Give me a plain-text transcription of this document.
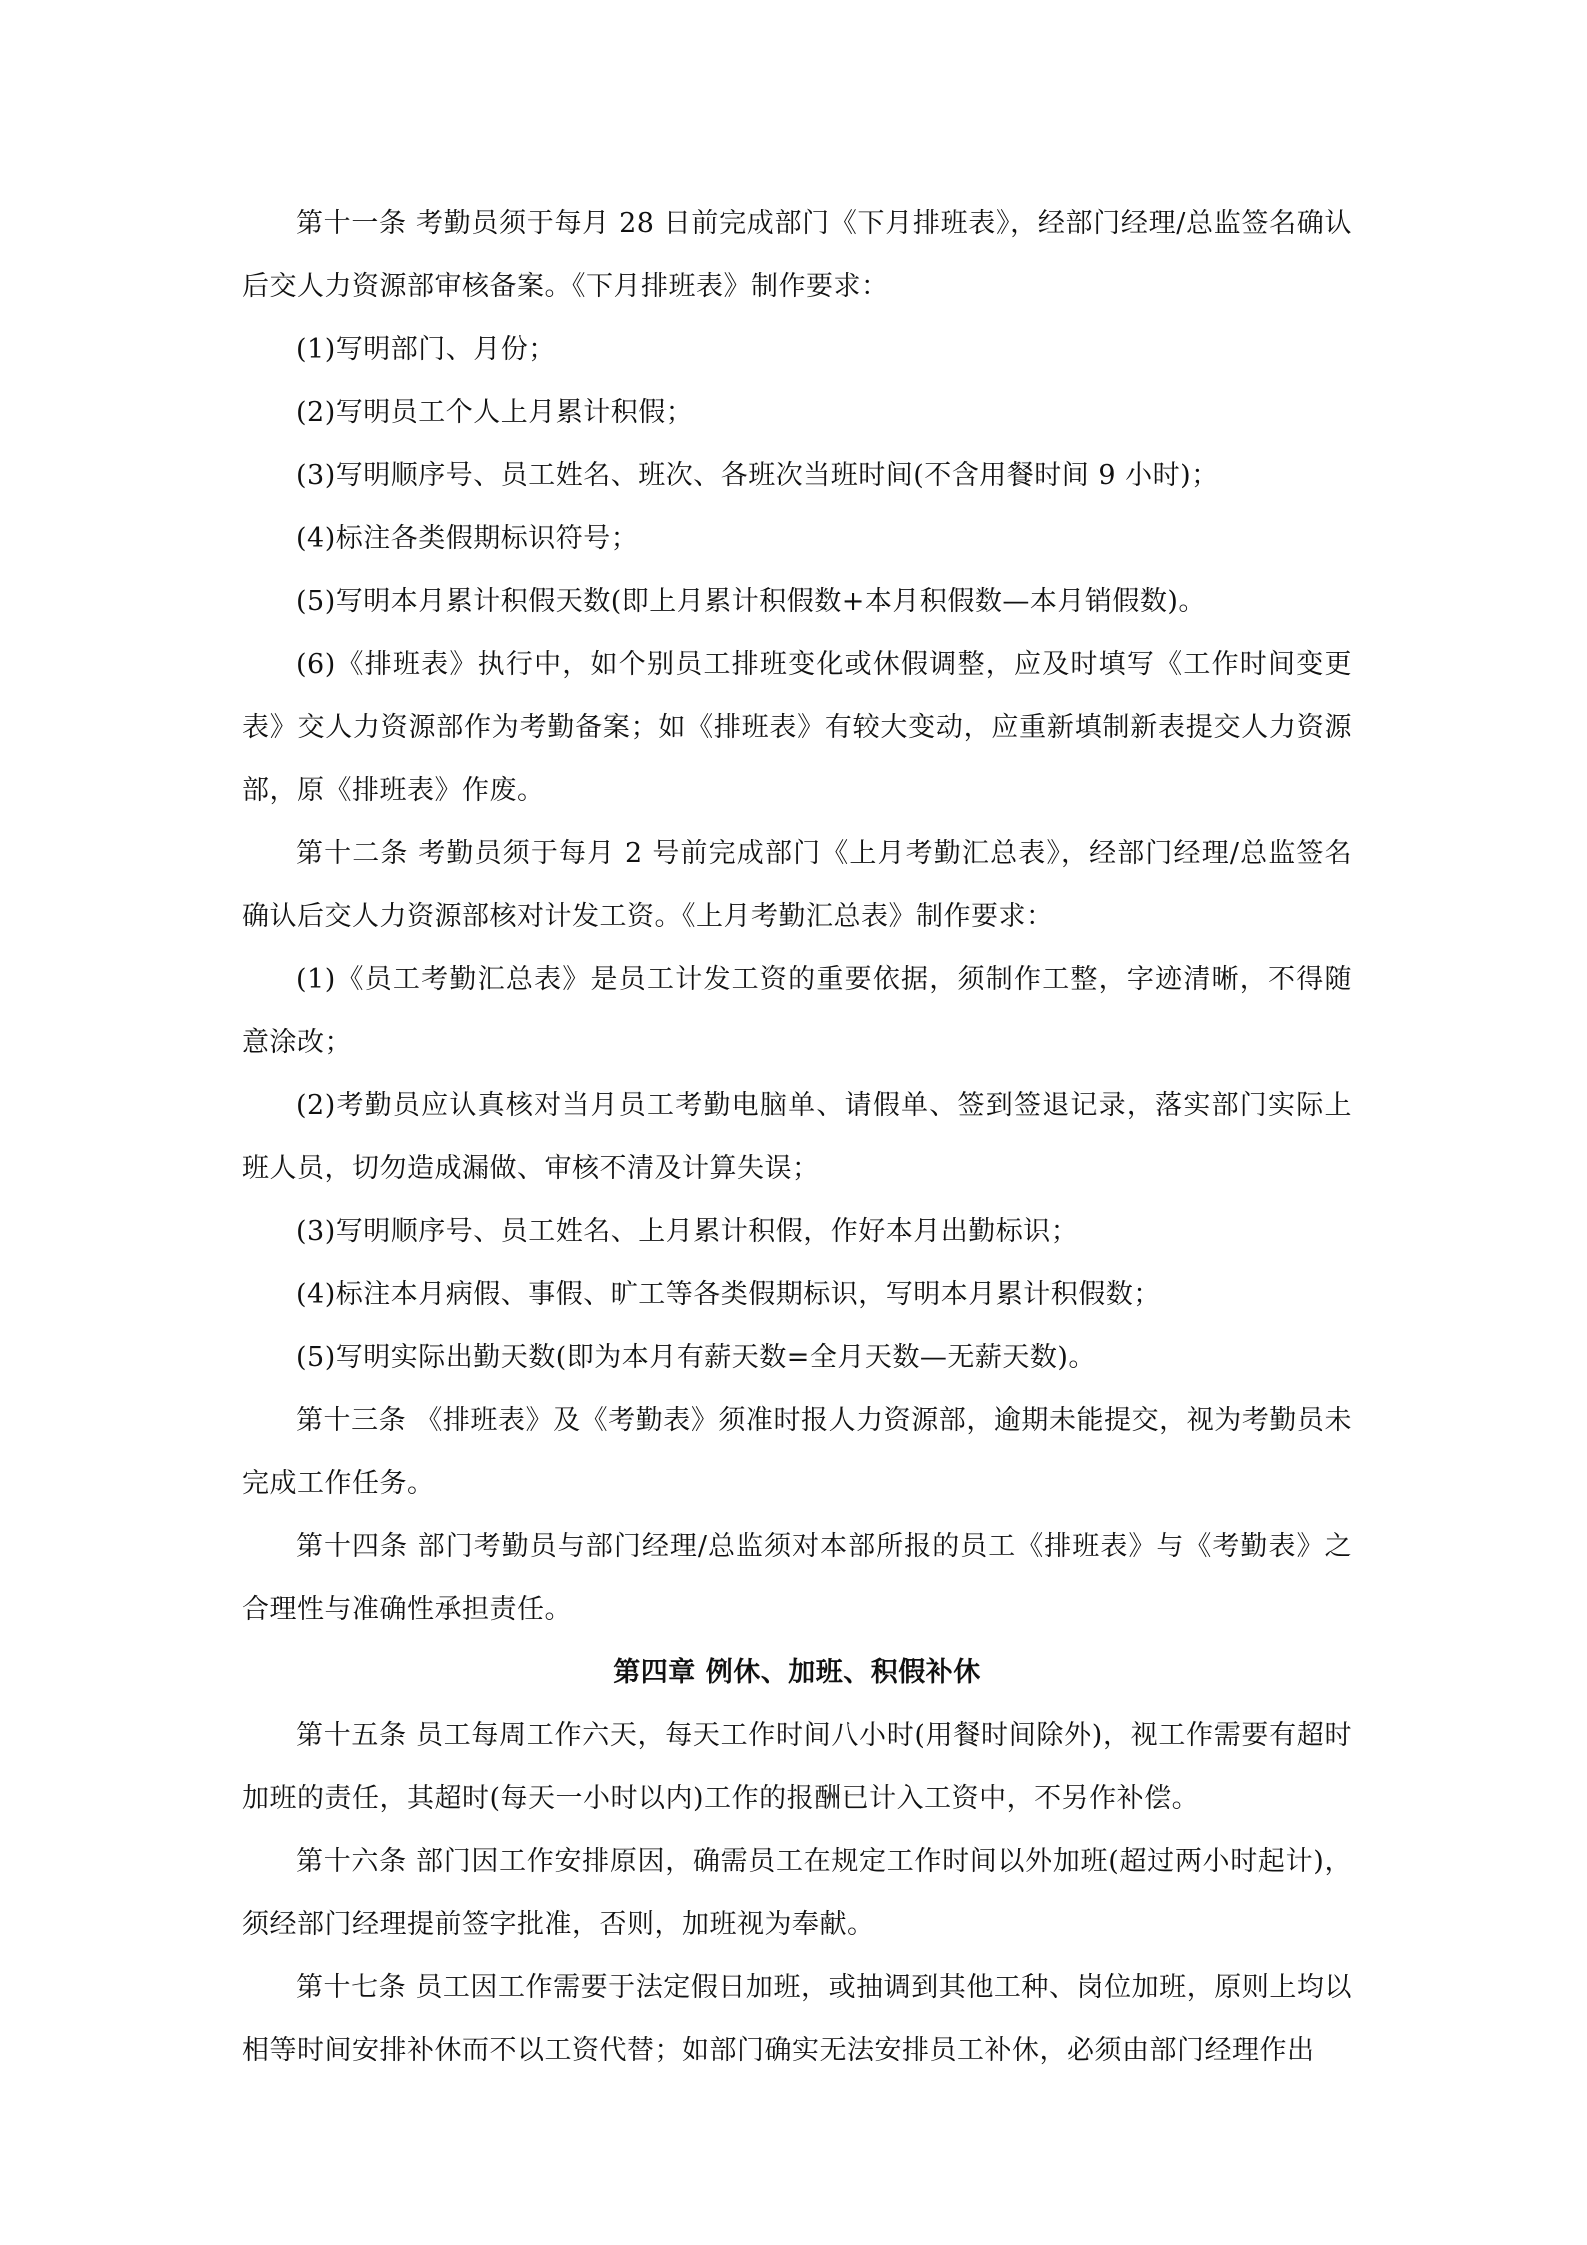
第十一条 考勤员须于每月 28 日前完成部门《下月排班表》，经部门经理/总监签名确认后交人力资源部审核备案。《下月排班表》制作要求：

(1)写明部门、月份；

(2)写明员工个人上月累计积假；

(3)写明顺序号、员工姓名、班次、各班次当班时间(不含用餐时间 9 小时)；

(4)标注各类假期标识符号；

(5)写明本月累计积假天数(即上月累计积假数+本月积假数—本月销假数)。

(6)《排班表》执行中，如个别员工排班变化或休假调整，应及时填写《工作时间变更表》交人力资源部作为考勤备案；如《排班表》有较大变动，应重新填制新表提交人力资源部，原《排班表》作废。

第十二条 考勤员须于每月 2 号前完成部门《上月考勤汇总表》，经部门经理/总监签名确认后交人力资源部核对计发工资。《上月考勤汇总表》制作要求：

(1)《员工考勤汇总表》是员工计发工资的重要依据，须制作工整，字迹清晰，不得随意涂改；

(2)考勤员应认真核对当月员工考勤电脑单、请假单、签到签退记录，落实部门实际上班人员，切勿造成漏做、审核不清及计算失误；

(3)写明顺序号、员工姓名、上月累计积假，作好本月出勤标识；

(4)标注本月病假、事假、旷工等各类假期标识，写明本月累计积假数；

(5)写明实际出勤天数(即为本月有薪天数=全月天数—无薪天数)。

第十三条 《排班表》及《考勤表》须准时报人力资源部，逾期未能提交，视为考勤员未完成工作任务。

第十四条 部门考勤员与部门经理/总监须对本部所报的员工《排班表》与《考勤表》之合理性与准确性承担责任。

第四章 例休、加班、积假补休

第十五条 员工每周工作六天，每天工作时间八小时(用餐时间除外)，视工作需要有超时加班的责任，其超时(每天一小时以内)工作的报酬已计入工资中，不另作补偿。

第十六条 部门因工作安排原因，确需员工在规定工作时间以外加班(超过两小时起计)，须经部门经理提前签字批准，否则，加班视为奉献。

第十七条 员工因工作需要于法定假日加班，或抽调到其他工种、岗位加班，原则上均以相等时间安排补休而不以工资代替；如部门确实无法安排员工补休，必须由部门经理作出
